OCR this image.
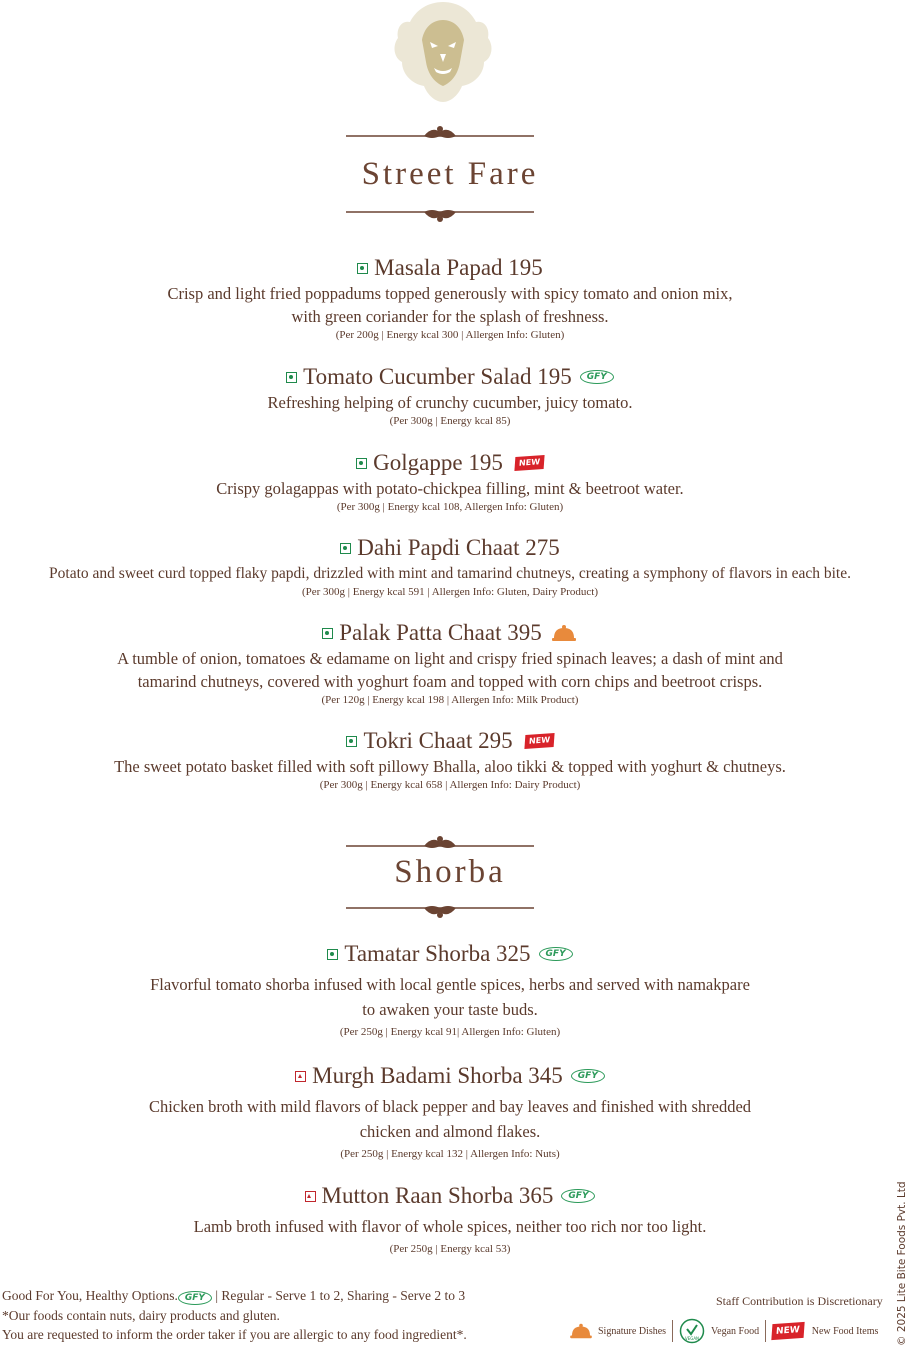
Street Fare
Masala Papad 195
Crisp and light fried poppadums topped generously with spicy tomato and onion mix,
with green coriander for the splash of freshness.
(Per 200g | Energy kcal 300 | Allergen Info: Gluten)
Tomato Cucumber Salad 195	GFY
Refreshing helping of crunchy cucumber, juicy tomato.
(Per 300g | Energy kcal 85)
Golgappe 195	NEW
Crispy golagappas with potato-chickpea filling, mint & beetroot water.
(Per 300g | Energy kcal 108, Allergen Info: Gluten)
Dahi Papdi Chaat 275
Potato and sweet curd topped flaky papdi, drizzled with mint and tamarind chutneys, creating a symphony of flavors in each bite.
(Per 300g | Energy kcal 591 | Allergen Info: Gluten, Dairy Product)
Palak Patta Chaat 395
A tumble of onion, tomatoes & edamame on light and crispy fried spinach leaves; a dash of mint and
tamarind chutneys, covered with yoghurt foam and topped with corn chips and beetroot crisps.
(Per 120g | Energy kcal 198 | Allergen Info: Milk Product)
Tokri Chaat 295	NEW
The sweet potato basket filled with soft pillowy Bhalla, aloo tikki & topped with yoghurt & chutneys.
(Per 300g | Energy kcal 658 | Allergen Info: Dairy Product)
Shorba
Tamatar Shorba 325	GFY
Flavorful tomato shorba infused with local gentle spices, herbs and served with namakpare
to awaken your taste buds.
(Per 250g | Energy kcal 91| Allergen Info: Gluten)
Murgh Badami Shorba 345	GFY
Chicken broth with mild flavors of black pepper and bay leaves and finished with shredded
chicken and almond flakes.
(Per 250g | Energy kcal 132 | Allergen Info: Nuts)
Mutton Raan Shorba 365	GFY
Lamb broth infused with flavor of whole spices, neither too rich nor too light.
(Per 250g | Energy kcal 53)
Good For You, Healthy Options. GFY | Regular - Serve 1 to 2, Sharing - Serve 2 to 3
*Our foods contain nuts, dairy products and gluten.
You are requested to inform the order taker if you are allergic to any food ingredient*.
Staff Contribution is Discretionary
Signature Dishes
VEGAN
Vegan Food	NEW	New Food Items © 2025 Lite Bite Foods Pvt. Ltd
